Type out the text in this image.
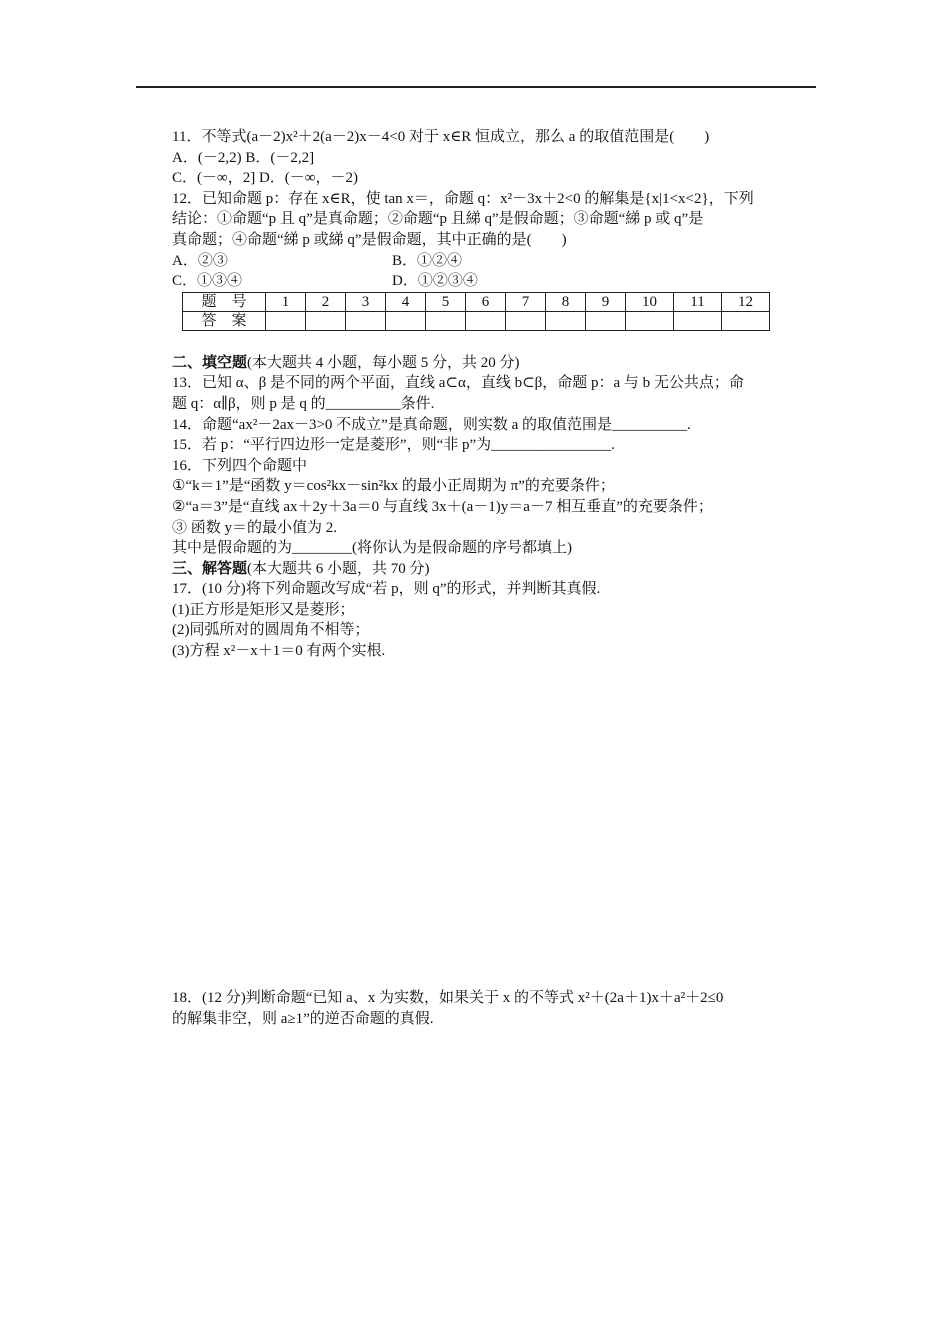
11．不等式(a－2)x²＋2(a－2)x－4<0 对于 x∈R 恒成立，那么 a 的取值范围是(　　)
A．(－2,2) B．(－2,2]
C．(－∞，2] D．(－∞，－2)
12．已知命题 p：存在 x∈R，使 tan x＝，命题 q：x²－3x＋2<0 的解集是{x|1<x<2}，下列
结论：①命题“p 且 q”是真命题；②命题“p 且綈 q”是假命题；③命题“綈 p 或 q”是
真命题；④命题“綈 p 或綈 q”是假命题，其中正确的是(　　)
A．②③	B．①②④
C．①③④	D．①②③④
题　号	1	2	3	4	5	6	7	8	9	10	11	12
答　案												
二、填空题(本大题共 4 小题，每小题 5 分，共 20 分)
13．已知 α、β 是不同的两个平面，直线 a⊂α，直线 b⊂β，命题 p：a 与 b 无公共点；命
题 q：α∥β，则 p 是 q 的__________条件.
14．命题“ax²－2ax－3>0 不成立”是真命题，则实数 a 的取值范围是__________.
15．若 p：“平行四边形一定是菱形”，则“非 p”为________________.
16．下列四个命题中
①“k＝1”是“函数 y＝cos²kx－sin²kx 的最小正周期为 π”的充要条件；
②“a＝3”是“直线 ax＋2y＋3a＝0 与直线 3x＋(a－1)y＝a－7 相互垂直”的充要条件；
③ 函数 y＝的最小值为 2.
其中是假命题的为________(将你认为是假命题的序号都填上)
三、解答题(本大题共 6 小题，共 70 分)
17．(10 分)将下列命题改写成“若 p，则 q”的形式，并判断其真假.
(1)正方形是矩形又是菱形；
(2)同弧所对的圆周角不相等；
(3)方程 x²－x＋1＝0 有两个实根.
18．(12 分)判断命题“已知 a、x 为实数，如果关于 x 的不等式 x²＋(2a＋1)x＋a²＋2≤0
的解集非空，则 a≥1”的逆否命题的真假.
